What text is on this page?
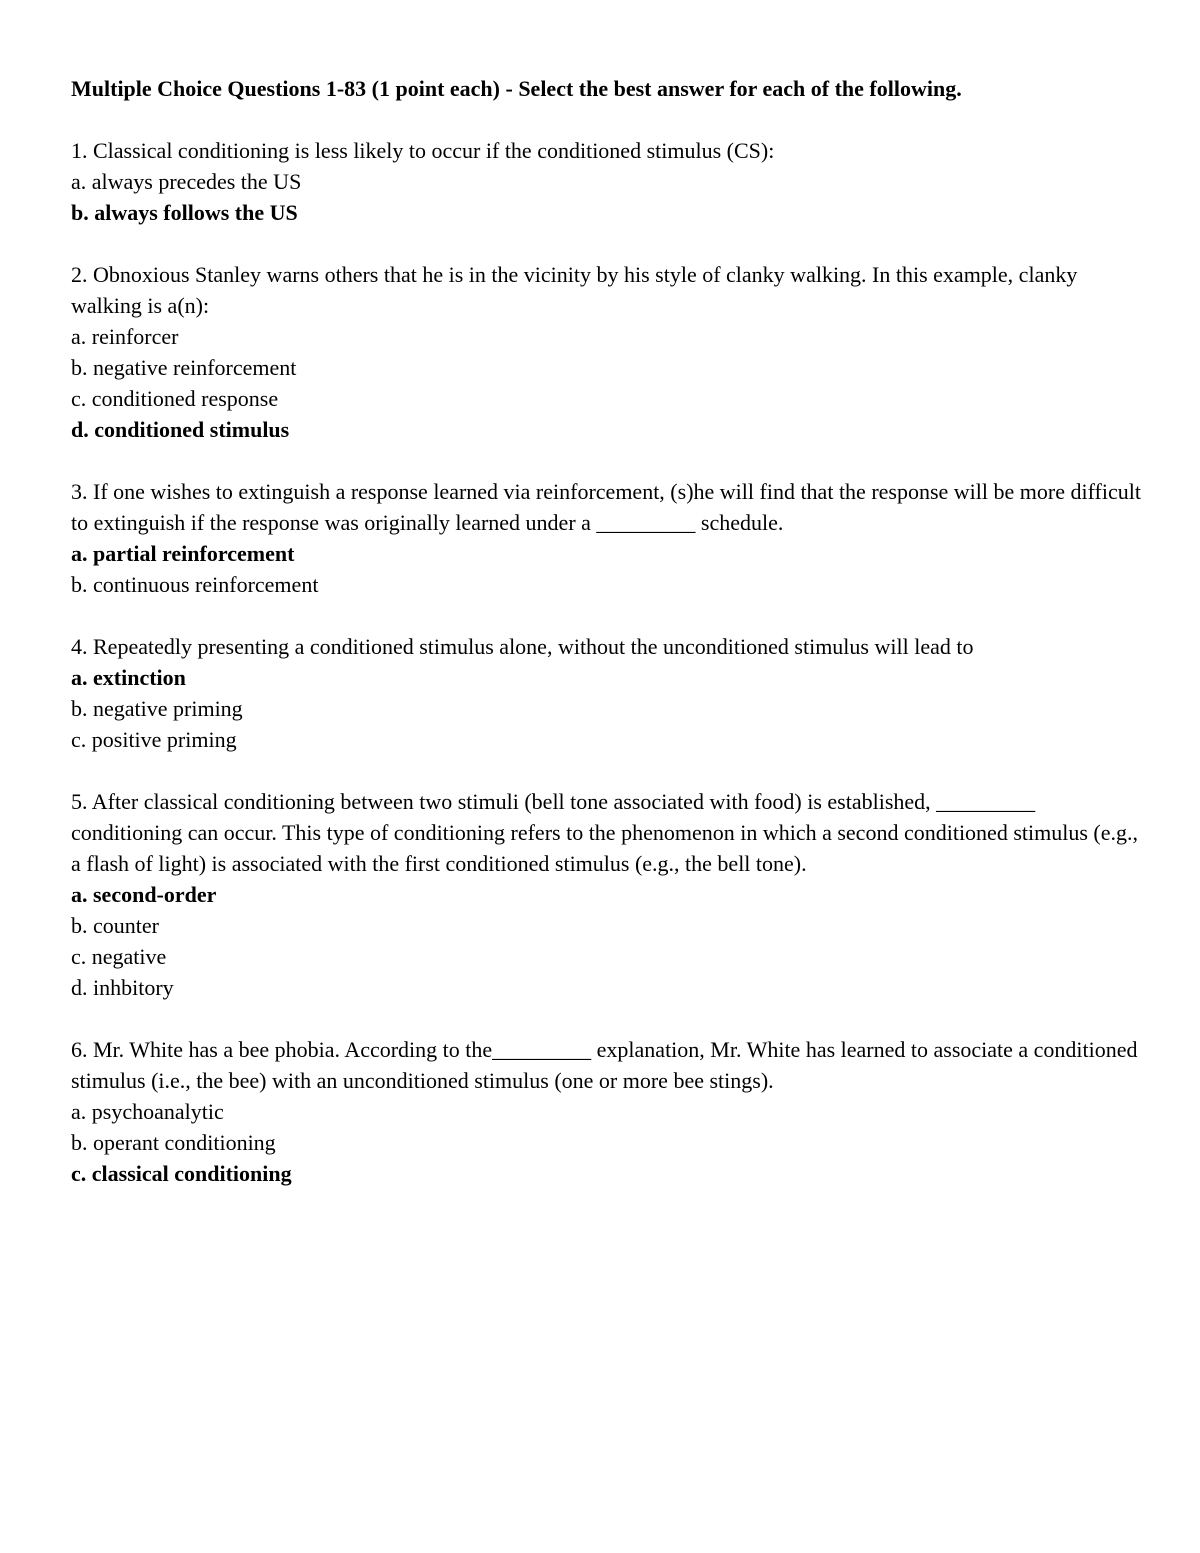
Multiple Choice Questions 1-83 (1 point each) - Select the best answer for each of the following.

1. Classical conditioning is less likely to occur if the conditioned stimulus (CS):

a. always precedes the US

b. always follows the US

2. Obnoxious Stanley warns others that he is in the vicinity by his style of clanky walking. In this example, clanky walking is a(n):

a. reinforcer

b. negative reinforcement

c. conditioned response

d. conditioned stimulus

3. If one wishes to extinguish a response learned via reinforcement, (s)he will find that the response will be more difficult to extinguish if the response was originally learned under a _________ schedule.

a. partial reinforcement

b. continuous reinforcement

4. Repeatedly presenting a conditioned stimulus alone, without the unconditioned stimulus will lead to

a. extinction

b. negative priming

c. positive priming

5. After classical conditioning between two stimuli (bell tone associated with food) is established, _________ conditioning can occur. This type of conditioning refers to the phenomenon in which a second conditioned stimulus (e.g., a flash of light) is associated with the first conditioned stimulus (e.g., the bell tone).

a. second-order

b. counter

c. negative

d. inhbitory

6. Mr. White has a bee phobia. According to the_________ explanation, Mr. White has learned to associate a conditioned stimulus (i.e., the bee) with an unconditioned stimulus (one or more bee stings).

a. psychoanalytic

b. operant conditioning

c. classical conditioning
